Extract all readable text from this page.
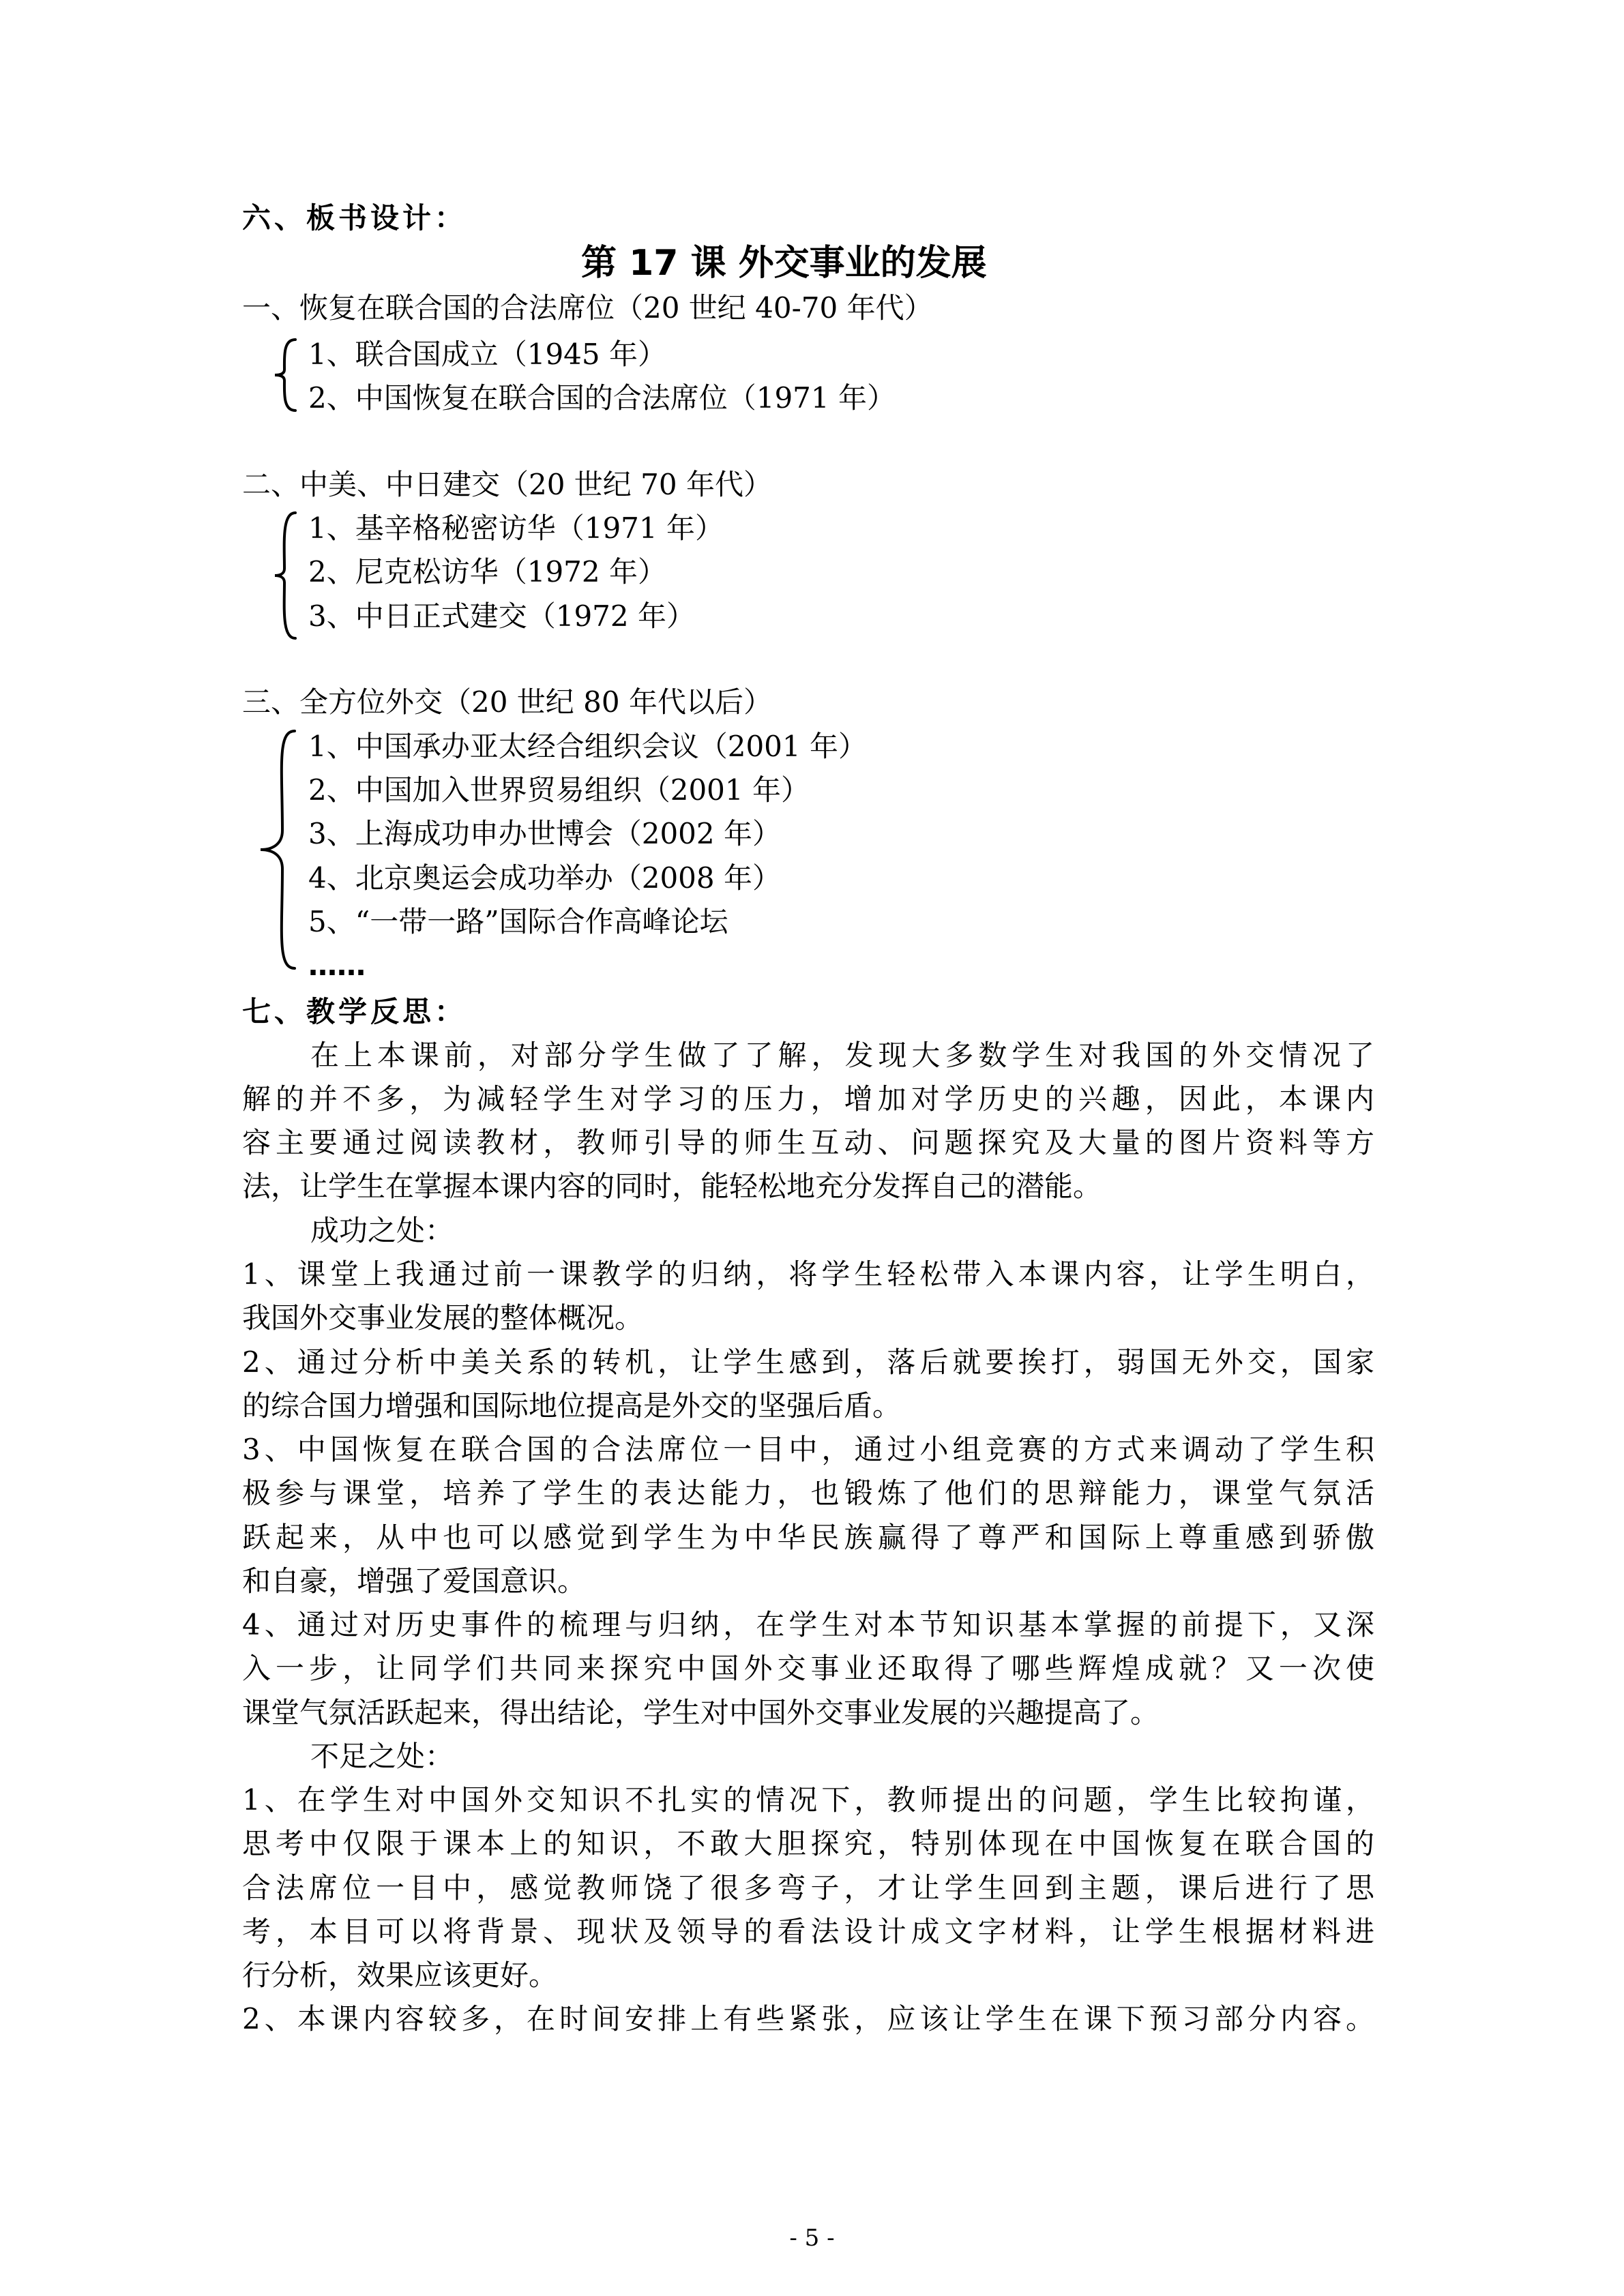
六、板书设计：
第 17 课 外交事业的发展
一、恢复在联合国的合法席位（20 世纪 40-70 年代）
1、联合国成立（1945 年）
2、中国恢复在联合国的合法席位（1971 年）
二、中美、中日建交（20 世纪 70 年代）
1、基辛格秘密访华（1971 年）
2、尼克松访华（1972 年）
3、中日正式建交（1972 年）
三、全方位外交（20 世纪 80 年代以后）
1、中国承办亚太经合组织会议（2001 年）
2、中国加入世界贸易组织（2001 年）
3、上海成功申办世博会（2002 年）
4、北京奥运会成功举办（2008 年）
5、“一带一路”国际合作高峰论坛
……
七、教学反思：
在上本课前，对部分学生做了了解，发现大多数学生对我国的外交情况了
解的并不多，为减轻学生对学习的压力，增加对学历史的兴趣，因此，本课内
容主要通过阅读教材，教师引导的师生互动、问题探究及大量的图片资料等方
法，让学生在掌握本课内容的同时，能轻松地充分发挥自己的潜能。
成功之处：
1、课堂上我通过前一课教学的归纳，将学生轻松带入本课内容，让学生明白，
我国外交事业发展的整体概况。
2、通过分析中美关系的转机，让学生感到，落后就要挨打，弱国无外交，国家
的综合国力增强和国际地位提高是外交的坚强后盾。
3、中国恢复在联合国的合法席位一目中，通过小组竞赛的方式来调动了学生积
极参与课堂，培养了学生的表达能力，也锻炼了他们的思辩能力，课堂气氛活
跃起来，从中也可以感觉到学生为中华民族赢得了尊严和国际上尊重感到骄傲
和自豪，增强了爱国意识。
4、通过对历史事件的梳理与归纳，在学生对本节知识基本掌握的前提下，又深
入一步，让同学们共同来探究中国外交事业还取得了哪些辉煌成就？又一次使
课堂气氛活跃起来，得出结论，学生对中国外交事业发展的兴趣提高了。
不足之处：
1、在学生对中国外交知识不扎实的情况下，教师提出的问题，学生比较拘谨，
思考中仅限于课本上的知识，不敢大胆探究，特别体现在中国恢复在联合国的
合法席位一目中，感觉教师饶了很多弯子，才让学生回到主题，课后进行了思
考，本目可以将背景、现状及领导的看法设计成文字材料，让学生根据材料进
行分析，效果应该更好。
2、本课内容较多，在时间安排上有些紧张，应该让学生在课下预习部分内容。
- 5 -
